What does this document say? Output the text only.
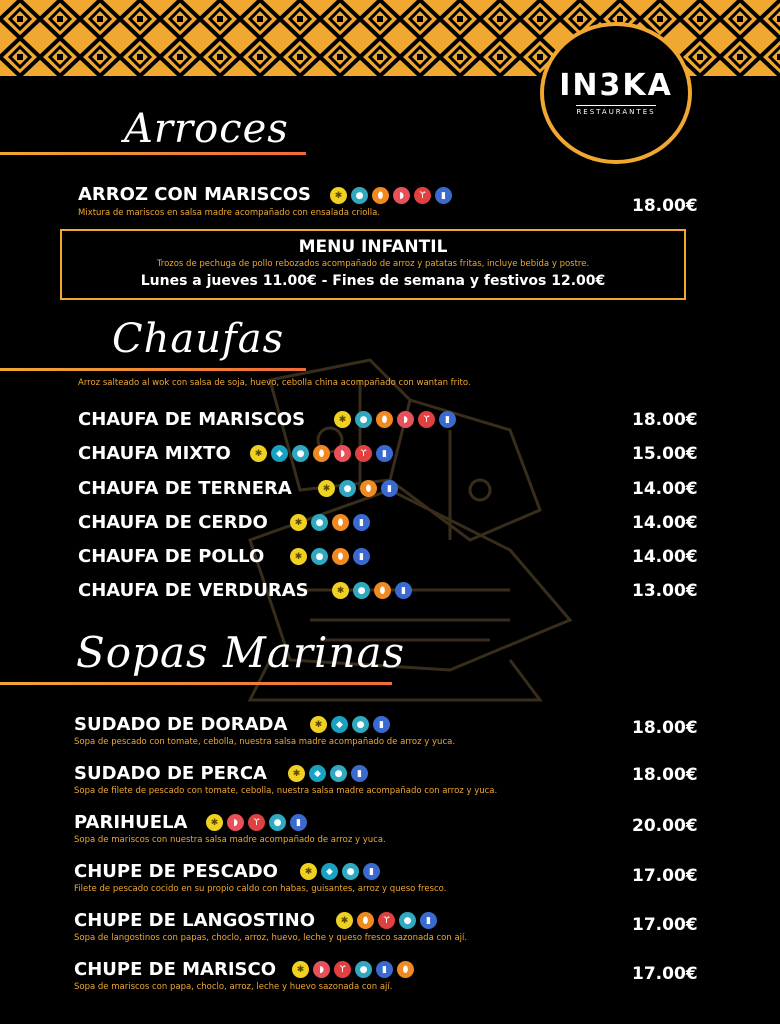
IN3KA
RESTAURANTES
Arroces
ARROZ CON MARISCOS	✱	●	⬮	◗	ϒ	▮
Mixtura de mariscos en salsa madre acompañado con ensalada criolla.	18.00€
MENU INFANTIL
Trozos de pechuga de pollo rebozados acompañado de arroz y patatas fritas, incluye bebida y postre.
Lunes a jueves 11.00€ - Fines de semana y festivos 12.00€
Chaufas
Arroz salteado al wok con salsa de soja, huevo, cebolla china acompañado con wantan frito.
CHAUFA DE MARISCOS	✱	●	⬮	◗	ϒ	▮	18.00€
CHAUFA MIXTO	✱	◆	●	⬮	◗	ϒ	▮	15.00€
CHAUFA DE TERNERA	✱	●	⬮	▮	14.00€
CHAUFA DE CERDO	✱	●	⬮	▮	14.00€
CHAUFA DE POLLO	✱	●	⬮	▮	14.00€
CHAUFA DE VERDURAS	✱	●	⬮	▮	13.00€
Sopas Marinas
SUDADO DE DORADA	✱	◆	●	▮
Sopa de pescado con tomate, cebolla, nuestra salsa madre acompañado de arroz y yuca.
18.00€
SUDADO DE PERCA	✱	◆	●	▮
Sopa de filete de pescado con tomate, cebolla, nuestra salsa madre acompañado con arroz y yuca.
18.00€
PARIHUELA	✱	◗	ϒ	●	▮
Sopa de mariscos con nuestra salsa madre acompañado de arroz y yuca.
20.00€
CHUPE DE PESCADO	✱	◆	●	▮
Filete de pescado cocido en su propio caldo con habas, guisantes, arroz y queso fresco.
17.00€
CHUPE DE LANGOSTINO	✱	⬮	ϒ	●	▮
Sopa de langostinos con papas, choclo, arroz, huevo, leche y queso fresco sazonada con ají.
17.00€
CHUPE DE MARISCO	✱	◗	ϒ	●	▮	⬮
Sopa de mariscos con papa, choclo, arroz, leche y huevo sazonada con ají.
17.00€
